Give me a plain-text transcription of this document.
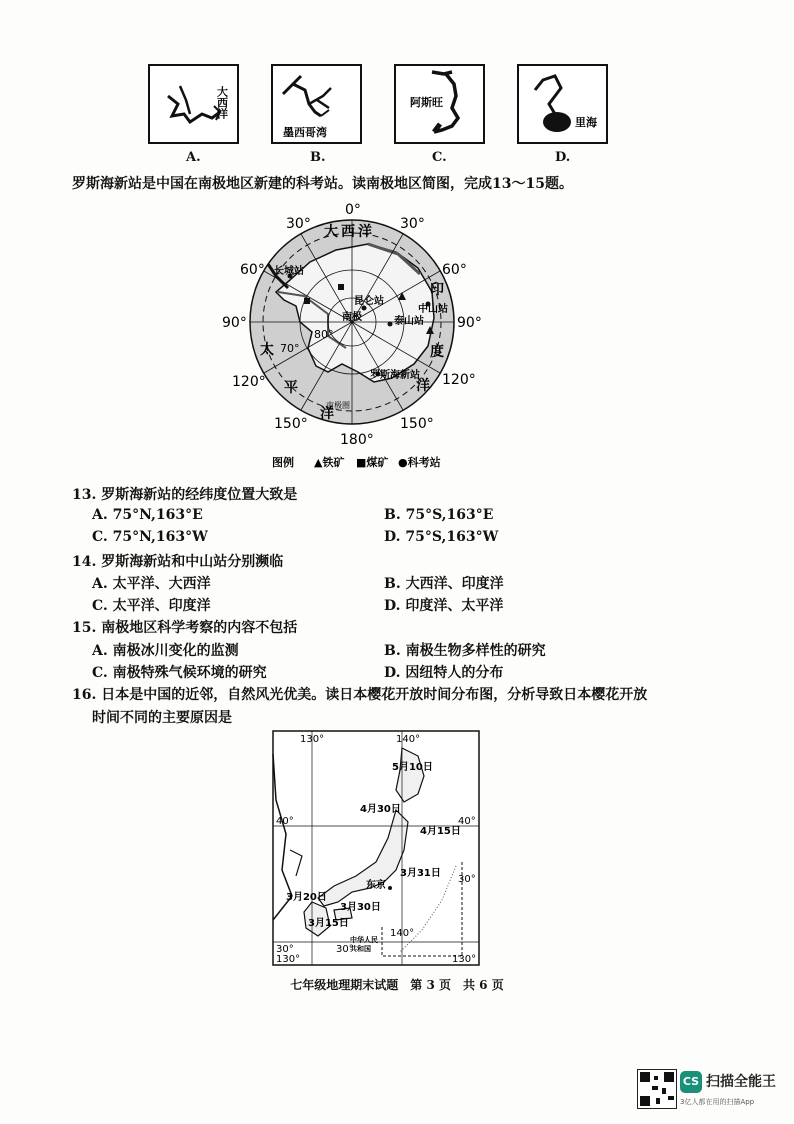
大西洋
墨西哥湾
阿斯旺
里海
A.	B.	C.	D.
罗斯海新站是中国在南极地区新建的科考站。读南极地区简图，完成13～15题。
0°
30°	30°
60°	60°
90°	90°
120°	120°
150°	150°
180°
80°
70°
大西洋
印
度
洋
太
平
洋
长城站
昆仑站
中山站
泰山站
罗斯海新站
南极
南极圈
图例 ▲铁矿 ■煤矿 ●科考站
13. 罗斯海新站的经纬度位置大致是
A. 75°N,163°E	B. 75°S,163°E
C. 75°N,163°W	D. 75°S,163°W
14. 罗斯海新站和中山站分别濒临
A. 太平洋、大西洋	B. 大西洋、印度洋
C. 太平洋、印度洋	D. 印度洋、太平洋
15. 南极地区科学考察的内容不包括
A. 南极冰川变化的监测	B. 南极生物多样性的研究
C. 南极特殊气候环境的研究	D. 因纽特人的分布
16. 日本是中国的近邻，自然风光优美。读日本樱花开放时间分布图，分析导致日本樱花开放
时间不同的主要原因是
130°	140°
40°	40°
30°	30°
30°
130°
140°
130°
5月10日
4月30日
4月15日
3月31日
3月20日
3月30日
3月15日
东京
中华人民
共和国
七年级地理期末试题　第 3 页　共 6 页
CS 扫描全能王
3亿人都在用的扫描App
